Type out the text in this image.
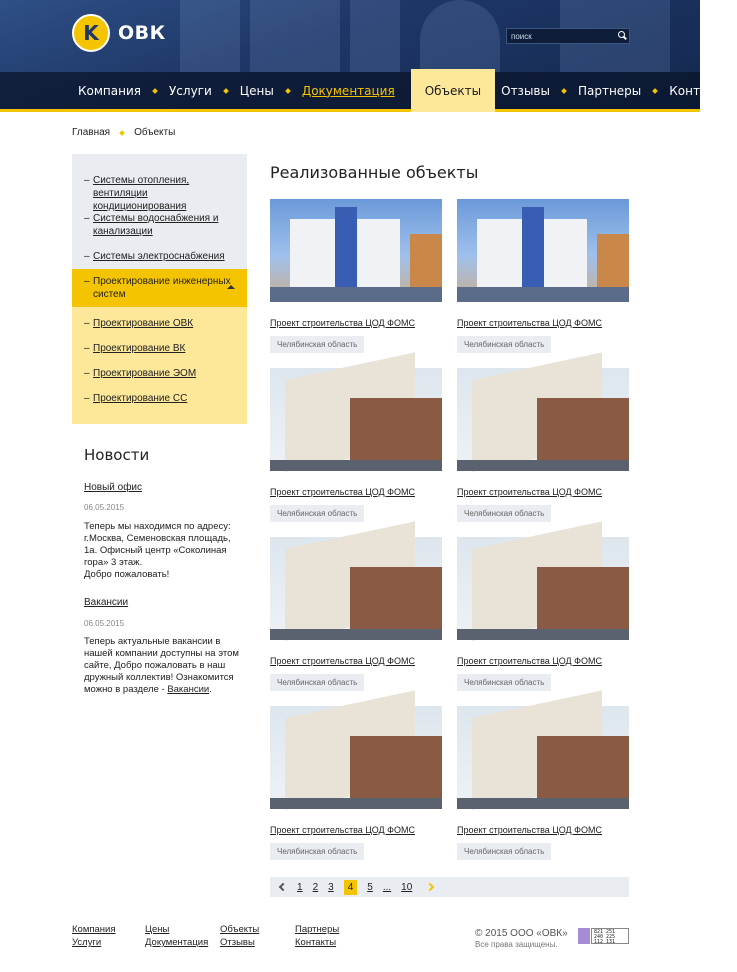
K ОВК
поиск
Компания	Услуги	Цены	Документация	Объекты	Отзывы	Партнеры	Контакты
Главная Объекты
– Системы отопления, вентиляции кондиционирования
– Системы водоснабжения и канализации
– Системы электроснабжения
– Проектирование инженерных систем
– Проектирование ОВК
– Проектирование ВК
– Проектирование ЭОМ
– Проектирование СС
Новости
Новый офис
06.05.2015
Теперь мы находимся по адресу: г.Москва, Семеновская площадь, 1а. Офисный центр «Соколиная гора» 3 этаж.
Добро пожаловать!
Вакансии
06.05.2015
Теперь актуальные вакансии в нашей компании доступны на этом сайте, Добро пожаловать в наш дружный коллектив! Ознакомится можно в разделе - Вакансии.
Реализованные объекты
Проект строительства ЦОД ФОМС
Челябинская область
Проект строительства ЦОД ФОМС
Челябинская область
Проект строительства ЦОД ФОМС
Челябинская область
Проект строительства ЦОД ФОМС
Челябинская область
Проект строительства ЦОД ФОМС
Челябинская область
Проект строительства ЦОД ФОМС
Челябинская область
Проект строительства ЦОД ФОМС
Челябинская область
Проект строительства ЦОД ФОМС
Челябинская область
1 2 3	4	5 ... 10
Компания
Услуги
Цены
Документация
Объекты
Отзывы
Партнеры
Контакты
© 2015 ООО «ОВК»
Все права защищены.
821 251
240 225
112 131
